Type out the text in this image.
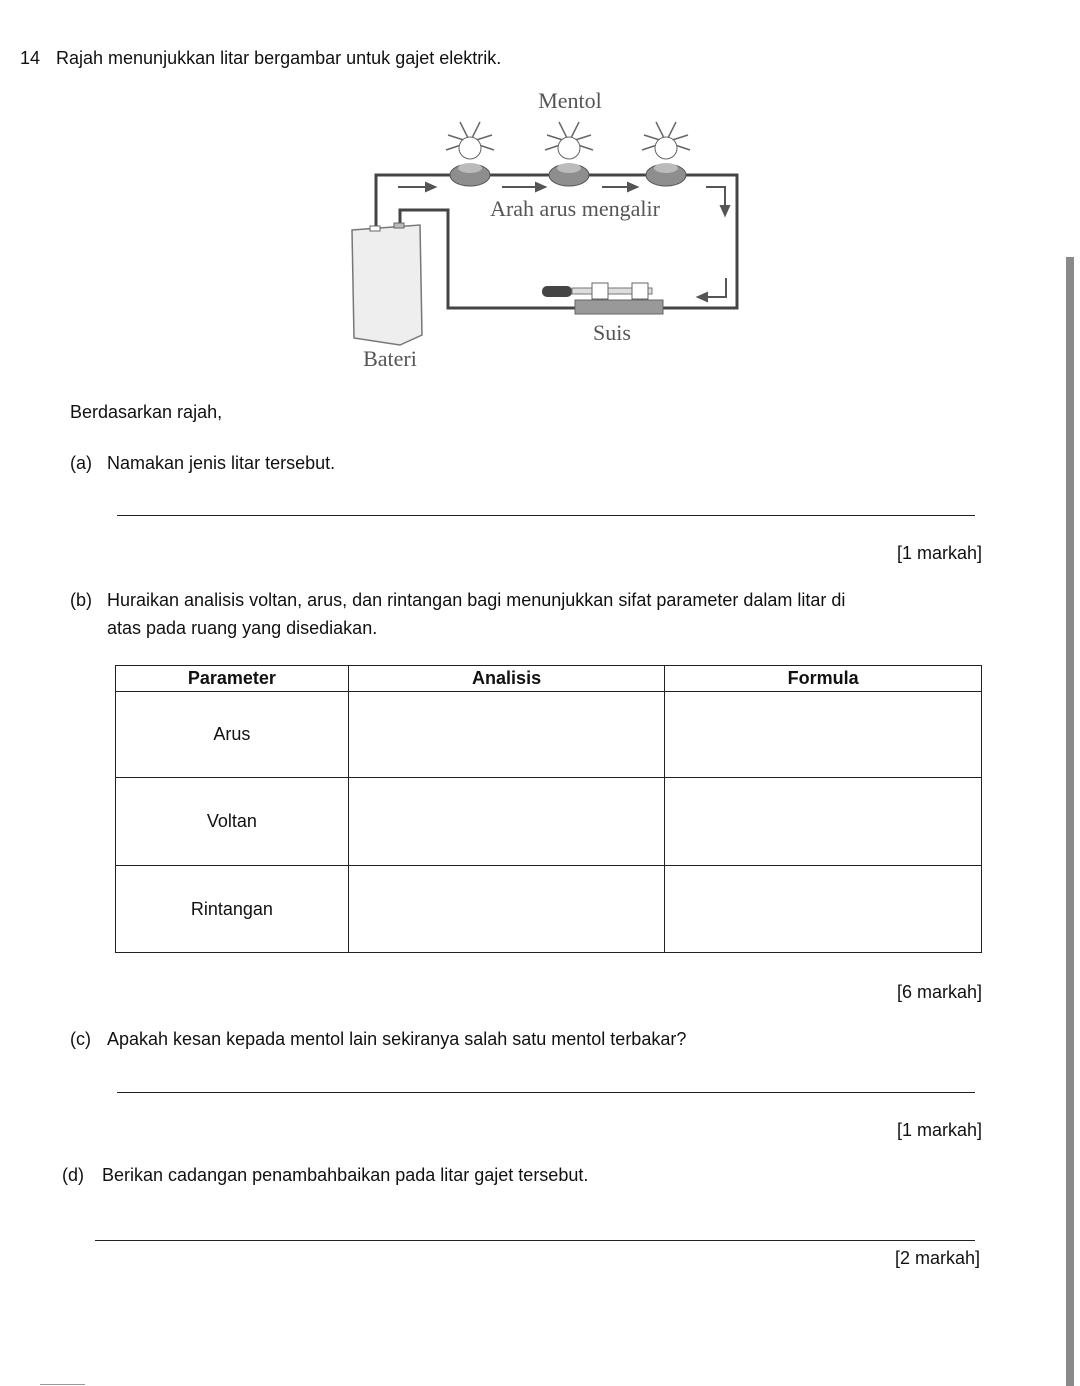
14 Rajah menunjukkan litar bergambar untuk gajet elektrik.
Mentol
Arah arus mengalir
Bateri
Suis
Berdasarkan rajah,
(a) Namakan jenis litar tersebut.
[1 markah]
(b) Huraikan analisis voltan, arus, dan rintangan bagi menunjukkan sifat parameter dalam litar di
atas pada ruang yang disediakan.
Parameter	Analisis	Formula
Arus		
Voltan		
Rintangan		
[6 markah]
(c) Apakah kesan kepada mentol lain sekiranya salah satu mentol terbakar?
[1 markah]
(d) Berikan cadangan penambahbaikan pada litar gajet tersebut.
[2 markah]
